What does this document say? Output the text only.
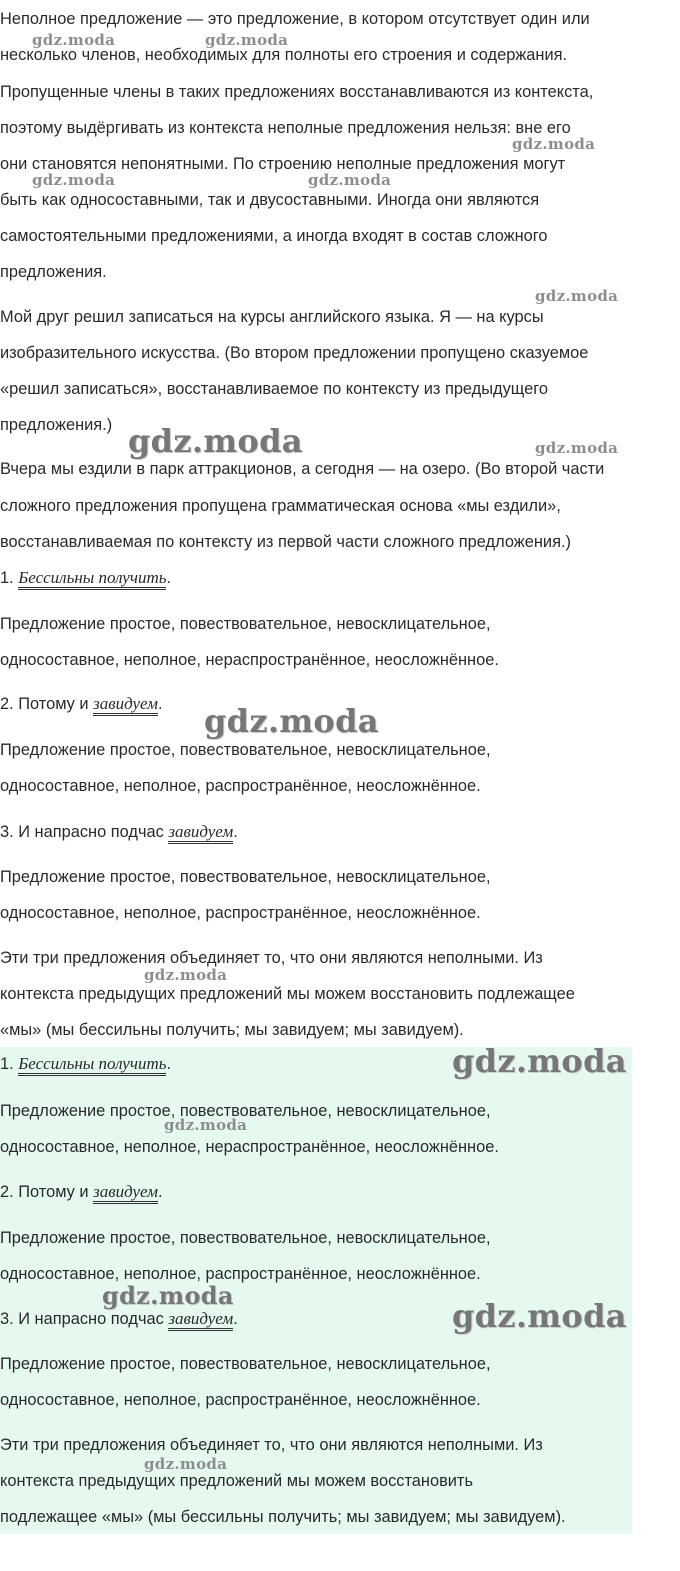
Неполное предложение — это предложение, в котором отсутствует один или

несколько членов, необходимых для полноты его строения и содержания.

Пропущенные члены в таких предложениях восстанавливаются из контекста,

поэтому выдёргивать из контекста неполные предложения нельзя: вне его

они становятся непонятными. По строению неполные предложения могут

быть как односоставными, так и двусоставными. Иногда они являются

самостоятельными предложениями, а иногда входят в состав сложного

предложения.

Мой друг решил записаться на курсы английского языка. Я — на курсы

изобразительного искусства. (Во втором предложении пропущено сказуемое

«решил записаться», восстанавливаемое по контексту из предыдущего

предложения.)

Вчера мы ездили в парк аттракционов, а сегодня — на озеро. (Во второй части

сложного предложения пропущена грамматическая основа «мы ездили»,

восстанавливаемая по контексту из первой части сложного предложения.)

1. Бессильны получить.

Предложение простое, повествовательное, невосклицательное,

односоставное, неполное, нераспространённое, неосложнённое.

2. Потому и завидуем.

Предложение простое, повествовательное, невосклицательное,

односоставное, неполное, распространённое, неосложнённое.

3. И напрасно подчас завидуем.

Предложение простое, повествовательное, невосклицательное,

односоставное, неполное, распространённое, неосложнённое.

Эти три предложения объединяет то, что они являются неполными. Из

контекста предыдущих предложений мы можем восстановить подлежащее

«мы» (мы бессильны получить; мы завидуем; мы завидуем).

1. Бессильны получить.

Предложение простое, повествовательное, невосклицательное,

односоставное, неполное, нераспространённое, неосложнённое.

2. Потому и завидуем.

Предложение простое, повествовательное, невосклицательное,

односоставное, неполное, распространённое, неосложнённое.

3. И напрасно подчас завидуем.

Предложение простое, повествовательное, невосклицательное,

односоставное, неполное, распространённое, неосложнённое.

Эти три предложения объединяет то, что они являются неполными. Из

контекста предыдущих предложений мы можем восстановить

подлежащее «мы» (мы бессильны получить; мы завидуем; мы завидуем).

gdz.moda	gdz.moda
gdz.moda
gdz.moda	gdz.moda
gdz.moda
gdz.moda	gdz.moda
gdz.moda
gdz.moda
gdz.moda
gdz.moda
gdz.moda
gdz.moda
gdz.moda
